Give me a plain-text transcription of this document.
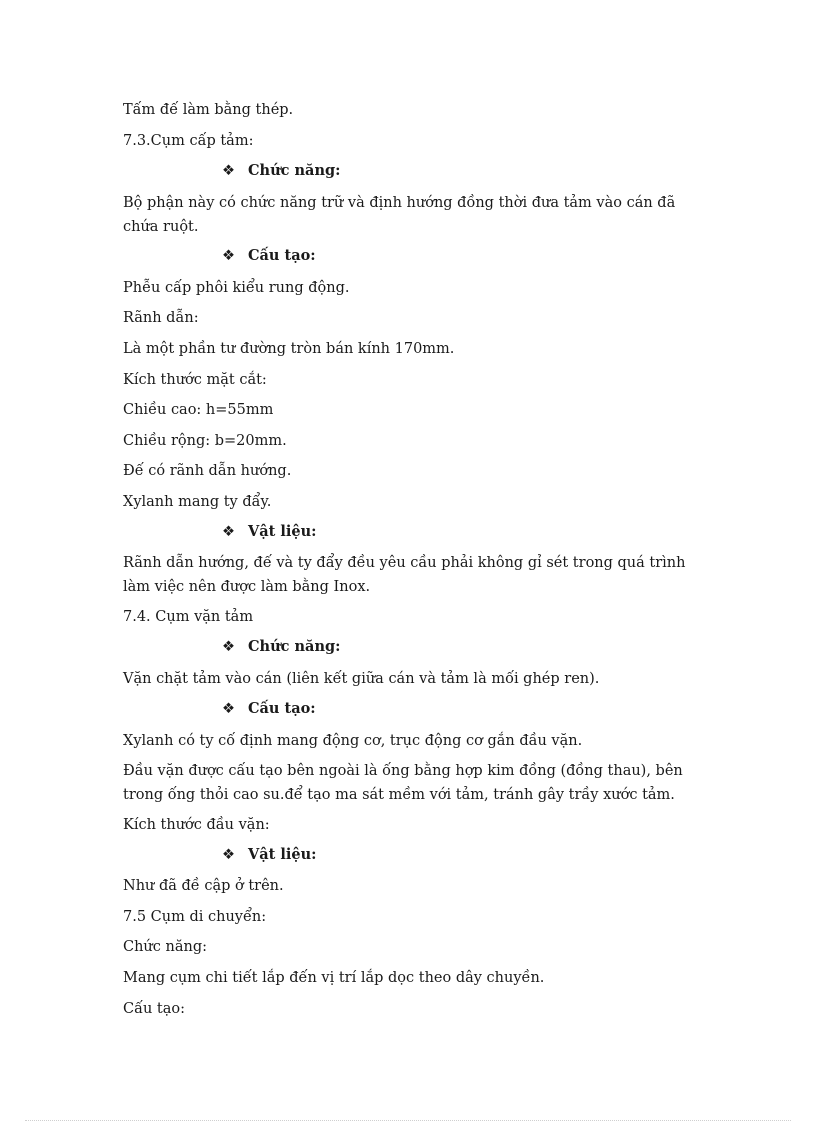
Tấm đế làm bằng thép.
7.3.Cụm cấp tảm:
❖ Chức năng:
Bộ phận này có chức năng trữ và định hướng đồng thời đưa tảm vào cán đã
chứa ruột.
❖ Cấu tạo:
Phễu cấp phôi kiểu rung động.
Rãnh dẫn:
Là một phần tư đường tròn bán kính 170mm.
Kích thước mặt cắt:
Chiều cao: h=55mm
Chiều rộng: b=20mm.
Đế có rãnh dẫn hướng.
Xylanh mang ty đẩy.
❖ Vật liệu:
Rãnh dẫn hướng, đế và ty đẩy đều yêu cầu phải không gỉ sét trong quá trình
làm việc nên được làm bằng Inox.
7.4. Cụm vặn tảm
❖ Chức năng:
Vặn chặt tảm vào cán (liên kết giữa cán và tảm là mối ghép ren).
❖ Cấu tạo:
Xylanh có ty cố định mang động cơ, trục động cơ gắn đầu vặn.
Đầu vặn được cấu tạo bên ngoài là ống bằng hợp kim đồng (đồng thau), bên
trong ống thỏi cao su.để tạo ma sát mềm với tảm, tránh gây trầy xước tảm.
Kích thước đầu vặn:
❖ Vật liệu:
Như đã đề cập ở trên.
7.5 Cụm di chuyển:
Chức năng:
Mang cụm chi tiết lắp đến vị trí lắp dọc theo dây chuyền.
Cấu tạo:
